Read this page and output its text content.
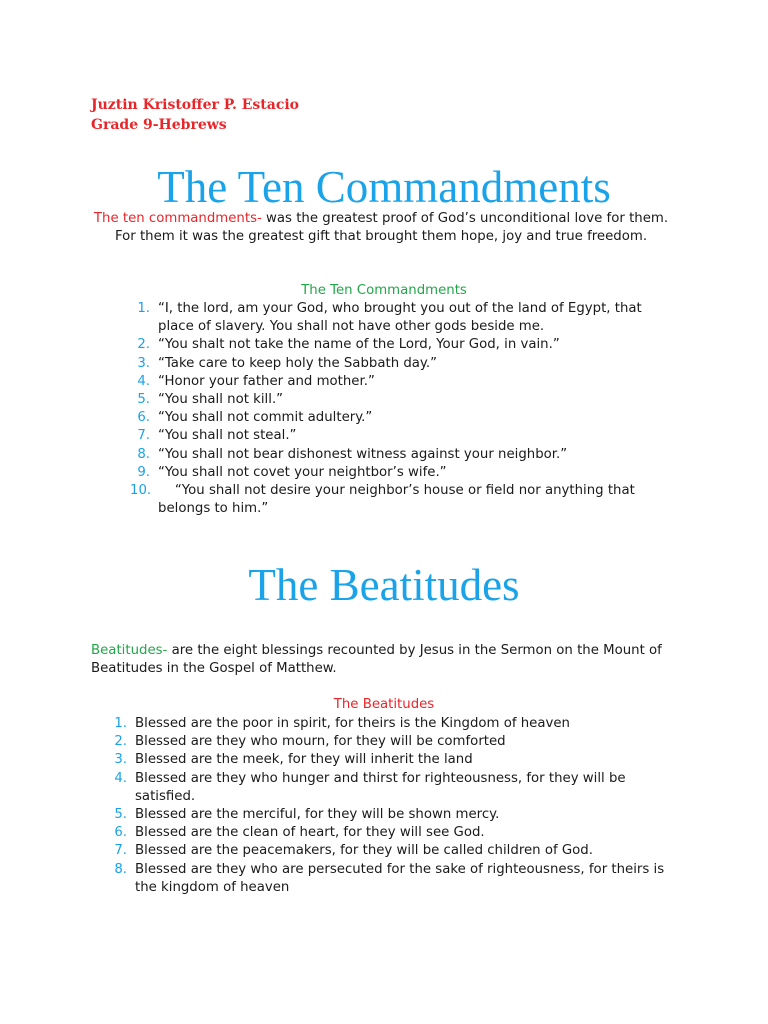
Juztin Kristoffer P. Estacio
Grade 9-Hebrews
The Ten Commandments
The ten commandments- was the greatest proof of God’s unconditional love for them. For them it was the greatest gift that brought them hope, joy and true freedom.
The Ten Commandments
1. “I, the lord, am your God, who brought you out of the land of Egypt, that place of slavery. You shall not have other gods beside me.
2. “You shalt not take the name of the Lord, Your God, in vain.”
3. “Take care to keep holy the Sabbath day.”
4. “Honor your father and mother.”
5. “You shall not kill.”
6. “You shall not commit adultery.”
7. “You shall not steal.”
8. “You shall not bear dishonest witness against your neighbor.”
9. “You shall not covet your neightbor’s wife.”
10. “You shall not desire your neighbor’s house or field nor anything that belongs to him.”
The Beatitudes
Beatitudes- are the eight blessings recounted by Jesus in the Sermon on the Mount of Beatitudes in the Gospel of Matthew.
The Beatitudes
1. Blessed are the poor in spirit, for theirs is the Kingdom of heaven
2. Blessed are they who mourn, for they will be comforted
3. Blessed are the meek, for they will inherit the land
4. Blessed are they who hunger and thirst for righteousness, for they will be satisfied.
5. Blessed are the merciful, for they will be shown mercy.
6. Blessed are the clean of heart, for they will see God.
7. Blessed are the peacemakers, for they will be called children of God.
8. Blessed are they who are persecuted for the sake of righteousness, for theirs is the kingdom of heaven
